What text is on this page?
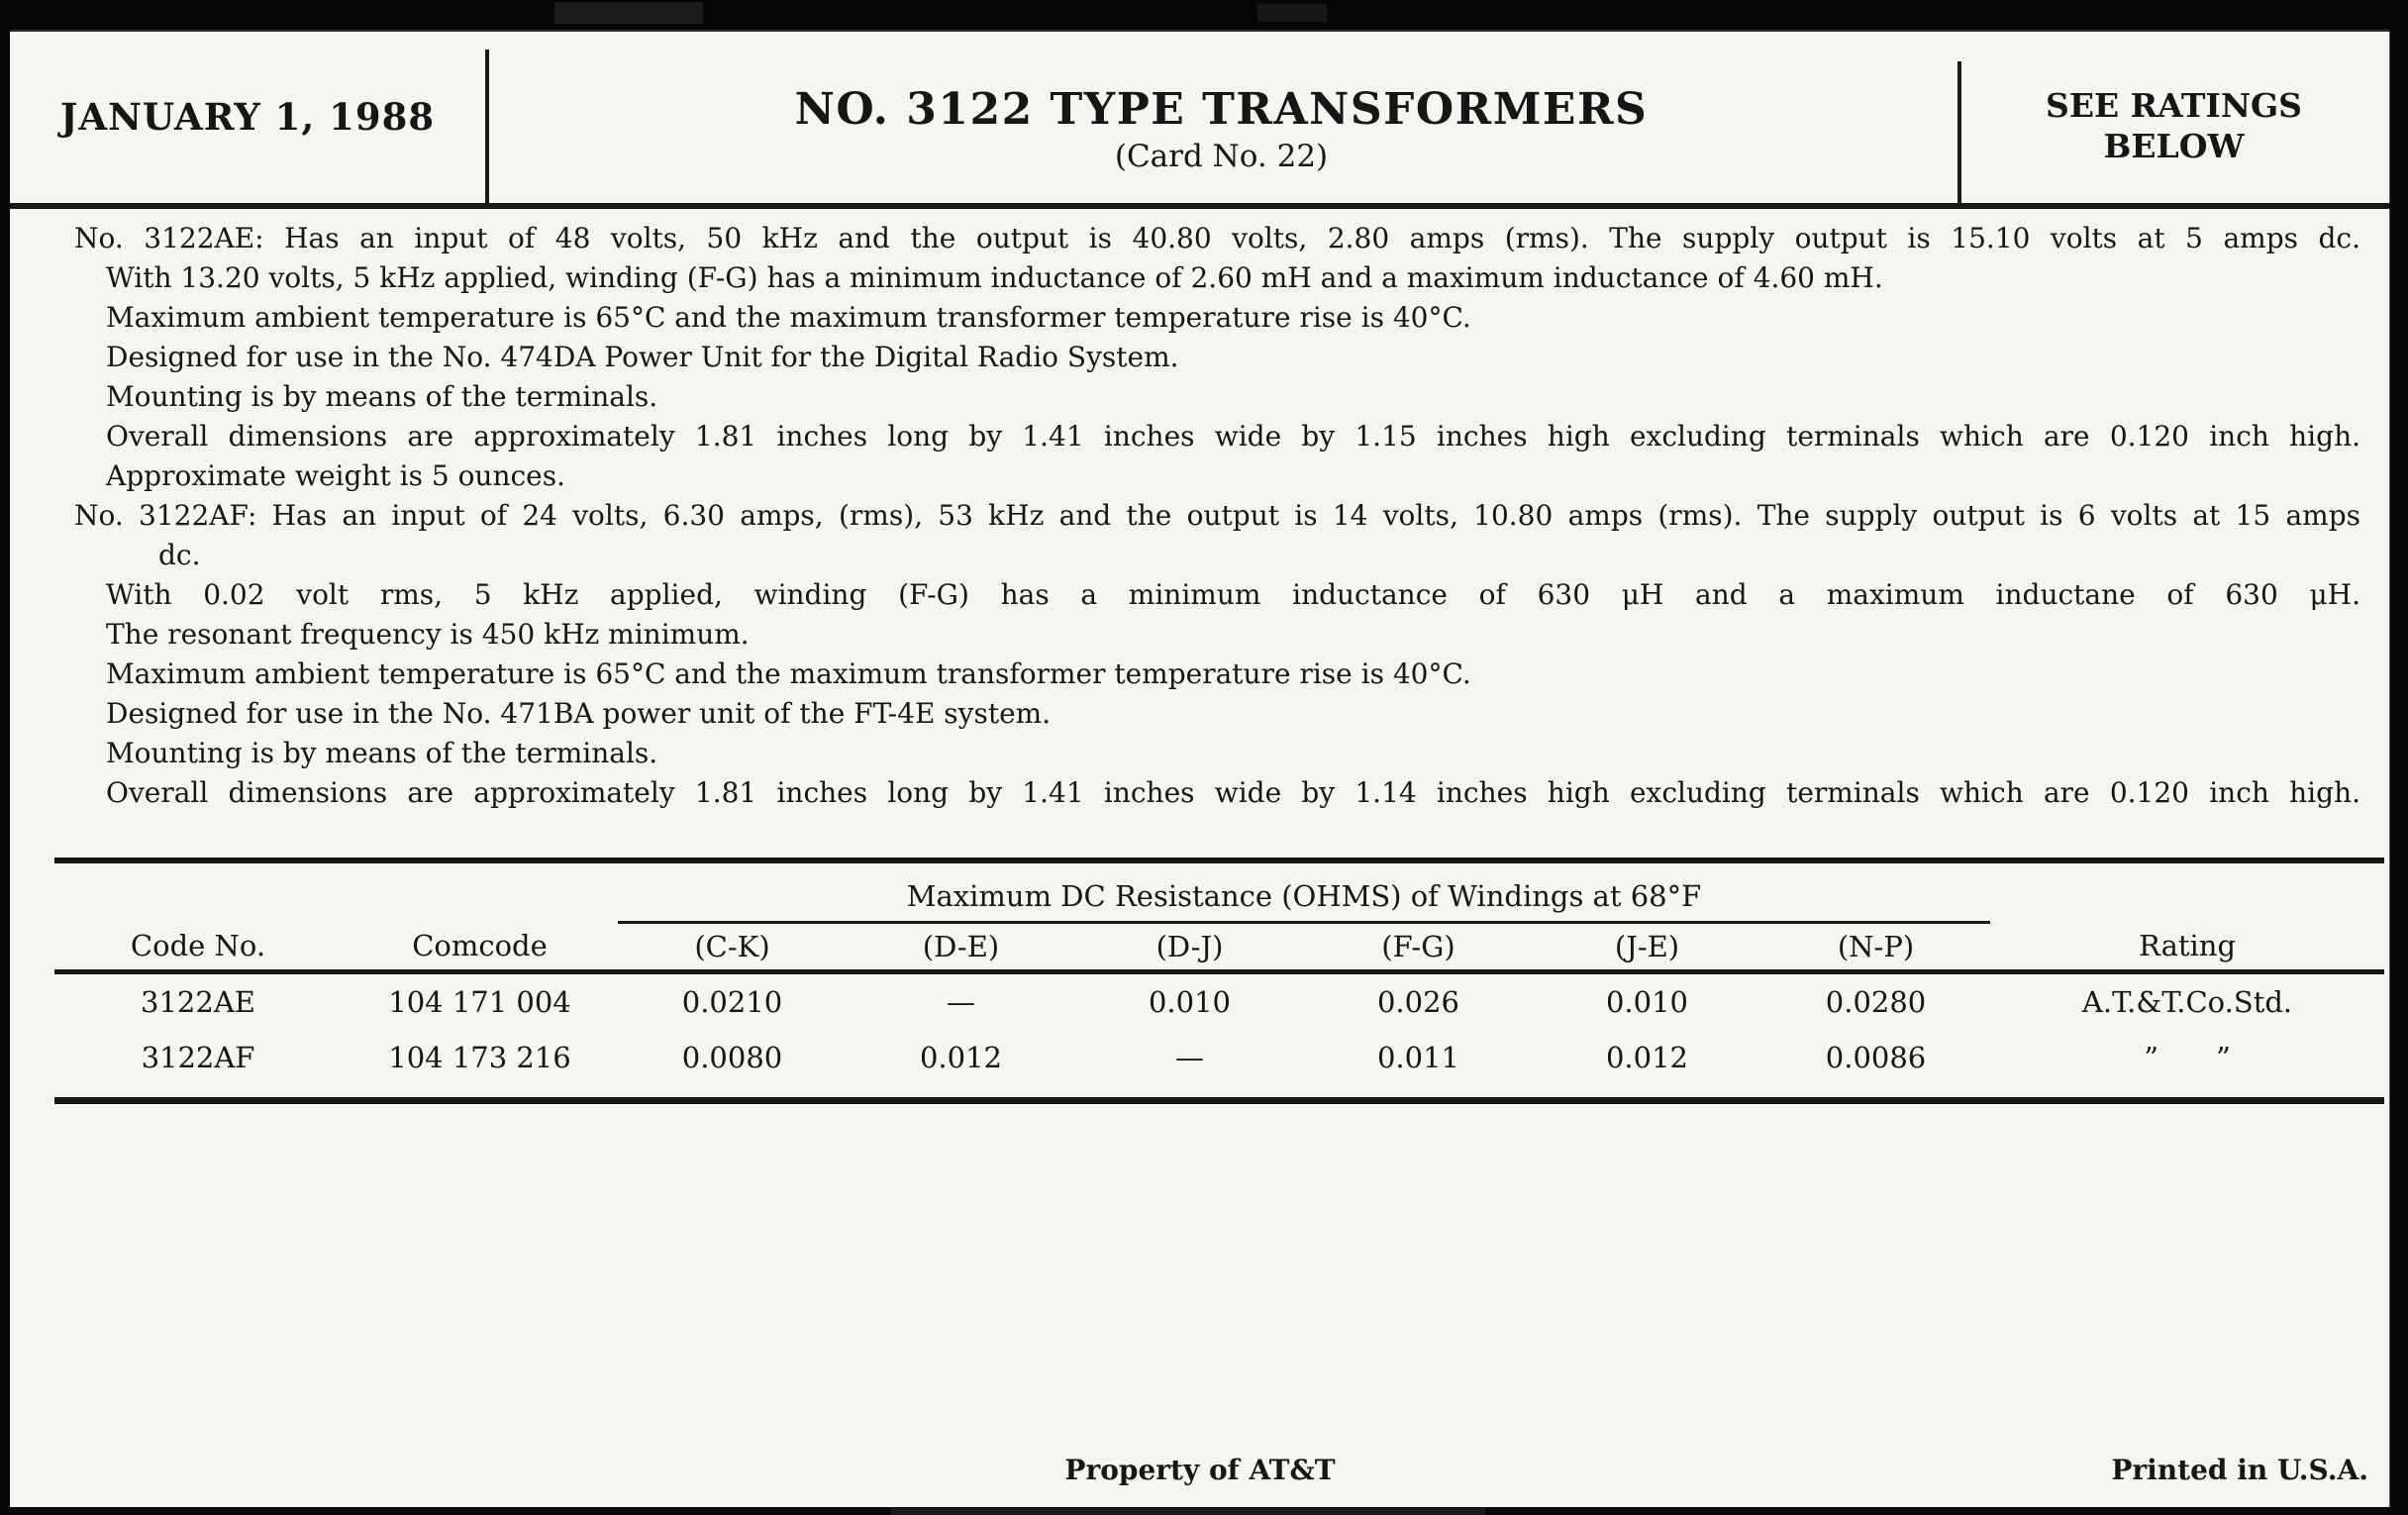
JANUARY 1, 1988	NO. 3122 TYPE TRANSFORMERS
(Card No. 22)
SEE RATINGS
BELOW
No. 3122AE: Has an input of 48 volts, 50 kHz and the output is 40.80 volts, 2.80 amps (rms). The supply output is 15.10 volts at 5 amps dc.
With 13.20 volts, 5 kHz applied, winding (F-G) has a minimum inductance of 2.60 mH and a maximum inductance of 4.60 mH.
Maximum ambient temperature is 65°C and the maximum transformer temperature rise is 40°C.
Designed for use in the No. 474DA Power Unit for the Digital Radio System.
Mounting is by means of the terminals.
Overall dimensions are approximately 1.81 inches long by 1.41 inches wide by 1.15 inches high excluding terminals which are 0.120 inch high.
Approximate weight is 5 ounces.
No. 3122AF: Has an input of 24 volts, 6.30 amps, (rms), 53 kHz and the output is 14 volts, 10.80 amps (rms). The supply output is 6 volts at 15 amps
dc.
With 0.02 volt rms, 5 kHz applied, winding (F-G) has a minimum inductance of 630 μH and a maximum inductane of 630 μH.
The resonant frequency is 450 kHz minimum.
Maximum ambient temperature is 65°C and the maximum transformer temperature rise is 40°C.
Designed for use in the No. 471BA power unit of the FT-4E system.
Mounting is by means of the terminals.
Overall dimensions are approximately 1.81 inches long by 1.41 inches wide by 1.14 inches high excluding terminals which are 0.120 inch high.
		Maximum DC Resistance (OHMS) of Windings at 68°F						
Code No.	Comcode	(C-K)	(D-E)	(D-J)	(F-G)	(J-E)	(N-P)	Rating
3122AE	104 171 004	0.0210	—	0.010	0.026	0.010	0.0280	A.T.&T.Co.Std.
3122AF	104 173 216	0.0080	0.012	—	0.011	0.012	0.0086	”  ”
Property of AT&T	Printed in U.S.A.
